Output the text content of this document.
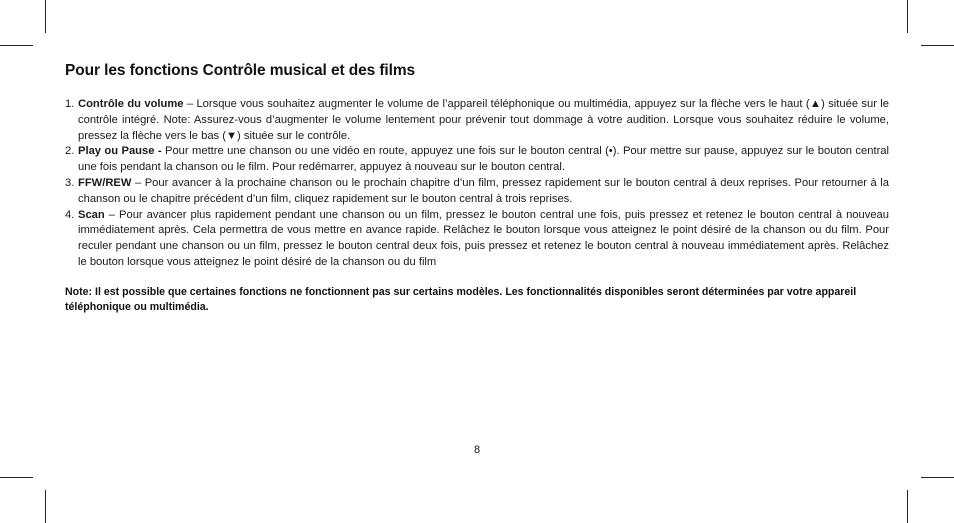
Pour les fonctions Contrôle musical et des films
1. Contrôle du volume – Lorsque vous souhaitez augmenter le volume de l’appareil téléphonique ou multimédia, appuyez sur la flèche vers le haut (▲) située sur le contrôle intégré. Note: Assurez-vous d’augmenter le volume lentement pour prévenir tout dommage à votre audition. Lorsque vous souhaitez réduire le volume, pressez la flèche vers le bas (▼) située sur le contrôle.
2. Play ou Pause - Pour mettre une chanson ou une vidéo en route, appuyez une fois sur le bouton central (•). Pour mettre sur pause, appuyez sur le bouton central une fois pendant la chanson ou le film. Pour redémarrer, appuyez à nouveau sur le bouton central.
3. FFW/REW – Pour avancer à la prochaine chanson ou le prochain chapitre d’un film, pressez rapidement sur le bouton central à deux reprises. Pour retourner à la chanson ou le chapitre précédent d’un film, cliquez rapidement sur le bouton central à trois reprises.
4. Scan – Pour avancer plus rapidement pendant une chanson ou un film, pressez le bouton central une fois, puis pressez et retenez le bouton central à nouveau immédiatement après. Cela permettra de vous mettre en avance rapide. Relâchez le bouton lorsque vous atteignez le point désiré de la chanson ou du film. Pour reculer pendant une chanson ou un film, pressez le bouton central deux fois, puis pressez et retenez le bouton central à nouveau immédiatement après. Relâchez le bouton lorsque vous atteignez le point désiré de la chanson ou du film

Note: Il est possible que certaines fonctions ne fonctionnent pas sur certains modèles. Les fonctionnalités disponibles seront déterminées par votre appareil téléphonique ou multimédia.

8
